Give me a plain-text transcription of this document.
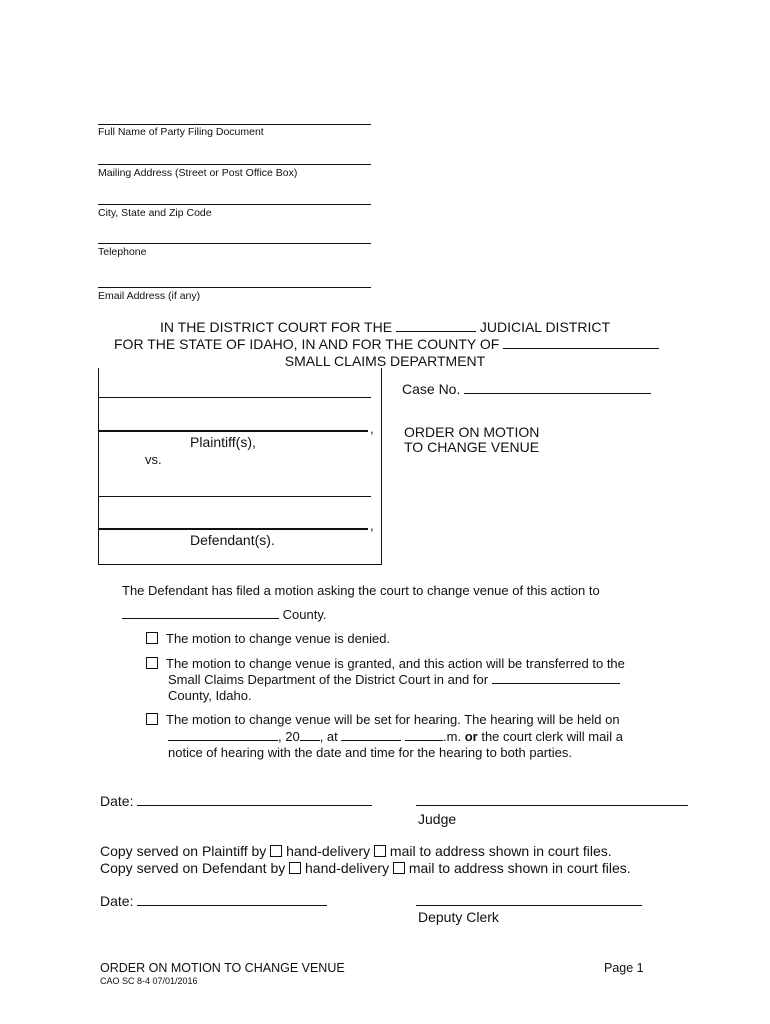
Full Name of Party Filing Document
Mailing Address (Street or Post Office Box)
City, State and Zip Code
Telephone
Email Address (if any)
IN THE DISTRICT COURT FOR THE	JUDICIAL DISTRICT
FOR THE STATE OF IDAHO, IN AND FOR THE COUNTY OF
SMALL CLAIMS DEPARTMENT
,
Plaintiff(s),
vs.
,
Defendant(s).
Case No.
ORDER ON MOTION
TO CHANGE VENUE
The Defendant has filed a motion asking the court to change venue of this action to
County.
The motion to change venue is denied.
The motion to change venue is granted, and this action will be transferred to the
Small Claims Department of the District Court in and for
County, Idaho.
The motion to change venue will be set for hearing. The hearing will be held on
, 20 , at	.m. or the court clerk will mail a
notice of hearing with the date and time for the hearing to both parties.
Date:
Judge
Copy served on Plaintiff by hand-delivery mail to address shown in court files.
Copy served on Defendant by hand-delivery mail to address shown in court files.
Date:
Deputy Clerk
ORDER ON MOTION TO CHANGE VENUE
CAO SC 8-4 07/01/2016
Page 1
